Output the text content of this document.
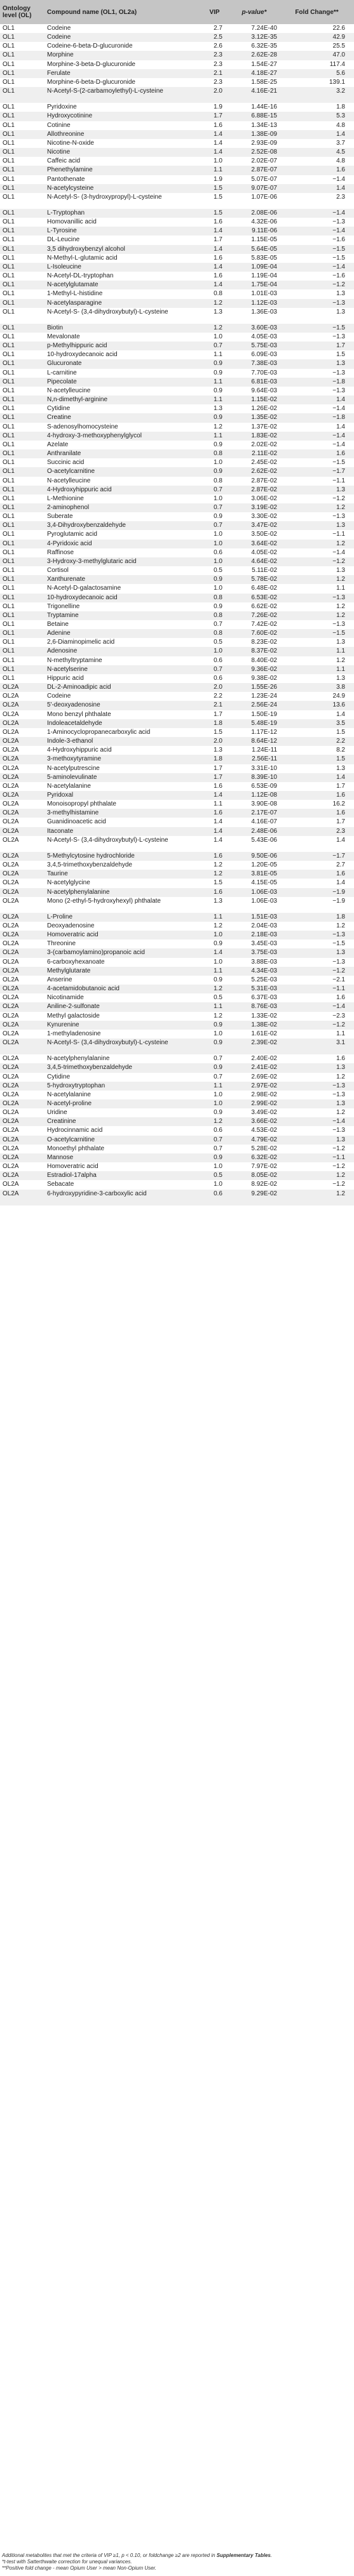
Ontology level (OL)	Compound name (OL1, OL2a)	VIP	p-value*	Fold Change**
OL1	Codeine	2.7	7.24E-40	22.6
OL1	Codeine	2.5	3.12E-35	42.9
OL1	Codeine-6-beta-D-glucuronide	2.6	6.32E-35	25.5
OL1	Morphine	2.3	2.62E-28	47.0
OL1	Morphine-3-beta-D-glucuronide	2.3	1.54E-27	117.4
OL1	Ferulate	2.1	4.18E-27	5.6
OL1	Morphine-6-beta-D-glucuronide	2.3	1.58E-25	139.1
OL1	N-Acetyl-S-(2-carbamoylethyl)-L-cysteine	2.0	4.16E-21	3.2
OL1	Pyridoxine	1.9	1.44E-16	1.8
OL1	Hydroxycotinine	1.7	6.88E-15	5.3
OL1	Cotinine	1.6	1.34E-13	4.8
OL1	Allothreonine	1.4	1.38E-09	1.4
OL1	Nicotine-N-oxide	1.4	2.93E-09	3.7
OL1	Nicotine	1.4	2.52E-08	4.5
OL1	Caffeic acid	1.0	2.02E-07	4.8
OL1	Phenethylamine	1.1	2.87E-07	1.6
OL1	Pantothenate	1.9	5.07E-07	−1.4
OL1	N-acetylcysteine	1.5	9.07E-07	1.4
OL1	N-Acetyl-S- (3-hydroxypropyl)-L-cysteine	1.5	1.07E-06	2.3
OL1	L-Tryptophan	1.5	2.08E-06	−1.4
OL1	Homovanillic acid	1.6	4.32E-06	−1.3
OL1	L-Tyrosine	1.4	9.11E-06	−1.4
OL1	DL-Leucine	1.7	1.15E-05	−1.6
OL1	3,5 dihydroxybenzyl alcohol	1.4	5.64E-05	−1.5
OL1	N-Methyl-L-glutamic acid	1.6	5.83E-05	−1.5
OL1	L-Isoleucine	1.4	1.09E-04	−1.4
OL1	N-Acetyl-DL-tryptophan	1.6	1.19E-04	−1.6
OL1	N-acetylglutamate	1.4	1.75E-04	−1.2
OL1	1-Methyl-L-histidine	0.8	1.01E-03	1.3
OL1	N-acetylasparagine	1.2	1.12E-03	−1.3
OL1	N-Acetyl-S- (3,4-dihydroxybutyl)-L-cysteine	1.3	1.36E-03	1.3
OL1	Biotin	1.2	3.60E-03	−1.5
OL1	Mevalonate	1.0	4.05E-03	−1.3
OL1	p-Methylhippuric acid	0.7	5.75E-03	1.7
OL1	10-hydroxydecanoic acid	1.1	6.09E-03	1.5
OL1	Glucuronate	0.9	7.38E-03	1.3
OL1	L-carnitine	0.9	7.70E-03	−1.3
OL1	Pipecolate	1.1	6.81E-03	−1.8
OL1	N-acetylleucine	0.9	9.64E-03	−1.3
OL1	N,n-dimethyl-arginine	1.1	1.15E-02	1.4
OL1	Cytidine	1.3	1.26E-02	−1.4
OL1	Creatine	0.9	1.35E-02	−1.8
OL1	S-adenosylhomocysteine	1.2	1.37E-02	1.4
OL1	4-hydroxy-3-methoxyphenylglycol	1.1	1.83E-02	−1.4
OL1	Azelate	0.9	2.02E-02	−1.4
OL1	Anthranilate	0.8	2.11E-02	1.6
OL1	Succinic acid	1.0	2.45E-02	−1.5
OL1	O-acetylcarnitine	0.9	2.62E-02	−1.7
OL1	N-acetylleucine	0.8	2.87E-02	−1.1
OL1	4-Hydroxyhippuric acid	0.7	2.87E-02	1.3
OL1	L-Methionine	1.0	3.06E-02	−1.2
OL1	2-aminophenol	0.7	3.19E-02	1.2
OL1	Suberate	0.9	3.30E-02	−1.3
OL1	3,4-Dihydroxybenzaldehyde	0.7	3.47E-02	1.3
OL1	Pyroglutamic acid	1.0	3.50E-02	−1.1
OL1	4-Pyridoxic acid	1.0	3.64E-02	1.2
OL1	Raffinose	0.6	4.05E-02	−1.4
OL1	3-Hydroxy-3-methylglutaric acid	1.0	4.64E-02	−1.2
OL1	Cortisol	0.5	5.11E-02	1.3
OL1	Xanthurenate	0.9	5.78E-02	1.2
OL1	N-Acetyl-D-galactosamine	1.0	6.48E-02	1.1
OL1	10-hydroxydecanoic acid	0.8	6.53E-02	−1.3
OL1	Trigonelline	0.9	6.62E-02	1.2
OL1	Tryptamine	0.8	7.26E-02	1.2
OL1	Betaine	0.7	7.42E-02	−1.3
OL1	Adenine	0.8	7.60E-02	−1.5
OL1	2,6-Diaminopimelic acid	0.5	8.23E-02	1.3
OL1	Adenosine	1.0	8.37E-02	1.1
OL1	N-methyltryptamine	0.6	8.40E-02	1.2
OL1	N-acetylserine	0.7	9.36E-02	1.1
OL1	Hippuric acid	0.6	9.38E-02	1.3
OL2A	DL-2-Aminoadipic acid	2.0	1.55E-26	3.8
OL2A	Codeine	2.2	1.23E-24	24.9
OL2A	5'-deoxyadenosine	2.1	2.56E-24	13.6
OL2A	Mono benzyl phthalate	1.7	1.50E-19	1.4
OL2A	Indoleacetaldehyde	1.8	5.48E-19	3.5
OL2A	1-Aminocyclopropanecarboxylic acid	1.5	1.17E-12	1.5
OL2A	Indole-3-ethanol	2.0	8.64E-12	2.2
OL2A	4-Hydroxyhippuric acid	1.3	1.24E-11	8.2
OL2A	3-methoxytyramine	1.8	2.56E-11	1.5
OL2A	N-acetylputrescine	1.7	3.31E-10	1.3
OL2A	5-aminolevulinate	1.7	8.39E-10	1.4
OL2A	N-acetylalanine	1.6	6.53E-09	1.7
OL2A	Pyridoxal	1.4	1.12E-08	1.6
OL2A	Monoisopropyl phthalate	1.1	3.90E-08	16.2
OL2A	3-methylhistamine	1.6	2.17E-07	1.6
OL2A	Guanidinoacetic acid	1.4	4.16E-07	1.7
OL2A	Itaconate	1.4	2.48E-06	2.3
OL2A	N-Acetyl-S- (3,4-dihydroxybutyl)-L-cysteine	1.4	5.43E-06	1.4
OL2A	5-Methylcytosine hydrochloride	1.6	9.50E-06	−1.7
OL2A	3,4,5-trimethoxybenzaldehyde	1.2	1.20E-05	2.7
OL2A	Taurine	1.2	3.81E-05	1.6
OL2A	N-acetylglycine	1.5	4.15E-05	1.4
OL2A	N-acetylphenylalanine	1.6	1.06E-03	−1.9
OL2A	Mono (2-ethyl-5-hydroxyhexyl) phthalate	1.3	1.06E-03	−1.9
OL2A	L-Proline	1.1	1.51E-03	1.8
OL2A	Deoxyadenosine	1.2	2.04E-03	1.2
OL2A	Homoveratric acid	1.0	2.18E-03	−1.3
OL2A	Threonine	0.9	3.45E-03	−1.5
OL2A	3-(carbamoylamino)propanoic acid	1.4	3.75E-03	1.3
OL2A	6-carboxyhexanoate	1.0	3.88E-03	−1.3
OL2A	Methylglutarate	1.1	4.34E-03	−1.2
OL2A	Anserine	0.9	5.25E-03	−2.1
OL2A	4-acetamidobutanoic acid	1.2	5.31E-03	−1.1
OL2A	Nicotinamide	0.5	6.37E-03	1.6
OL2A	Aniline-2-sulfonate	1.1	8.76E-03	−1.4
OL2A	Methyl galactoside	1.2	1.33E-02	−2.3
OL2A	Kynurenine	0.9	1.38E-02	−1.2
OL2A	1-methyladenosine	1.0	1.61E-02	1.1
OL2A	N-Acetyl-S- (3,4-dihydroxybutyl)-L-cysteine	0.9	2.39E-02	3.1
OL2A	N-acetylphenylalanine	0.7	2.40E-02	1.6
OL2A	3,4,5-trimethoxybenzaldehyde	0.9	2.41E-02	1.3
OL2A	Cytidine	0.7	2.69E-02	1.2
OL2A	5-hydroxytryptophan	1.1	2.97E-02	−1.3
OL2A	N-acetylalanine	1.0	2.98E-02	−1.3
OL2A	N-acetyl-proline	1.0	2.99E-02	1.3
OL2A	Uridine	0.9	3.49E-02	1.2
OL2A	Creatinine	1.2	3.66E-02	−1.4
OL2A	Hydrocinnamic acid	0.6	4.53E-02	−1.3
OL2A	O-acetylcarnitine	0.7	4.79E-02	1.3
OL2A	Monoethyl phthalate	0.7	5.28E-02	−1.2
OL2A	Mannose	0.9	6.32E-02	−1.1
OL2A	Homoveratric acid	1.0	7.97E-02	−1.2
OL2A	Estradiol-17alpha	0.5	8.05E-02	1.2
OL2A	Sebacate	1.0	8.92E-02	−1.2
OL2A	6-hydroxypyridine-3-carboxylic acid	0.6	9.29E-02	1.2

Additional metabolites that met the criteria of VIP ≥1, p < 0.10, or foldchange ≥2 are reported in Supplementary Tables.

*t-test with Satterthwaite correction for unequal variances.

**Positive fold change - mean Opium User > mean Non-Opium User.
